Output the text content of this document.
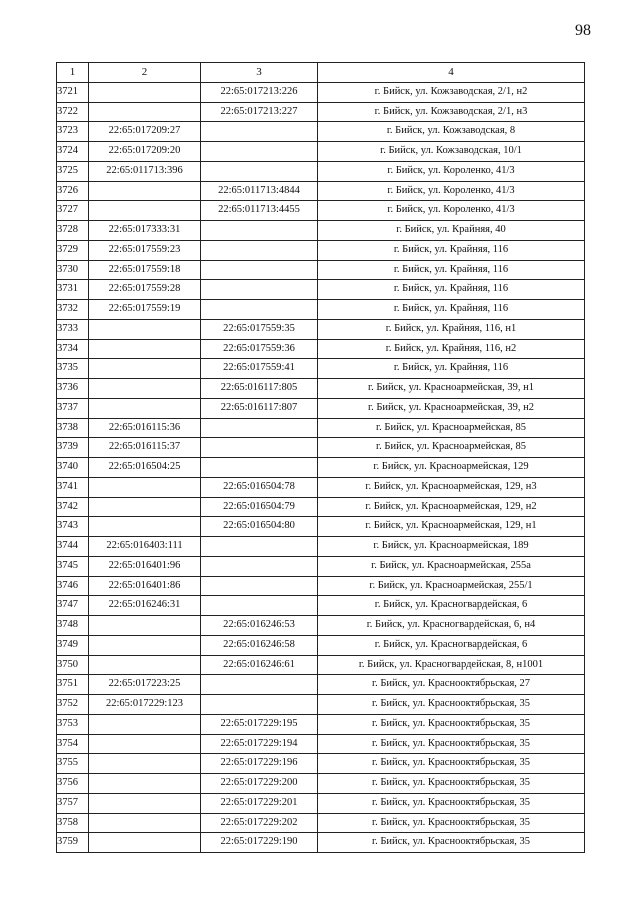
98
1	2	3	4
3721		22:65:017213:226	г. Бийск, ул. Кожзаводская, 2/1, н2
3722		22:65:017213:227	г. Бийск, ул. Кожзаводская, 2/1, н3
3723	22:65:017209:27		г. Бийск, ул. Кожзаводская, 8
3724	22:65:017209:20		г. Бийск, ул. Кожзаводская, 10/1
3725	22:65:011713:396		г. Бийск, ул. Короленко, 41/3
3726		22:65:011713:4844	г. Бийск, ул. Короленко, 41/3
3727		22:65:011713:4455	г. Бийск, ул. Короленко, 41/3
3728	22:65:017333:31		г. Бийск, ул. Крайняя, 40
3729	22:65:017559:23		г. Бийск, ул. Крайняя, 116
3730	22:65:017559:18		г. Бийск, ул. Крайняя, 116
3731	22:65:017559:28		г. Бийск, ул. Крайняя, 116
3732	22:65:017559:19		г. Бийск, ул. Крайняя, 116
3733		22:65:017559:35	г. Бийск, ул. Крайняя, 116, н1
3734		22:65:017559:36	г. Бийск, ул. Крайняя, 116, н2
3735		22:65:017559:41	г. Бийск, ул. Крайняя, 116
3736		22:65:016117:805	г. Бийск, ул. Красноармейская, 39, н1
3737		22:65:016117:807	г. Бийск, ул. Красноармейская, 39, н2
3738	22:65:016115:36		г. Бийск, ул. Красноармейская, 85
3739	22:65:016115:37		г. Бийск, ул. Красноармейская, 85
3740	22:65:016504:25		г. Бийск, ул. Красноармейская, 129
3741		22:65:016504:78	г. Бийск, ул. Красноармейская, 129, н3
3742		22:65:016504:79	г. Бийск, ул. Красноармейская, 129, н2
3743		22:65:016504:80	г. Бийск, ул. Красноармейская, 129, н1
3744	22:65:016403:111		г. Бийск, ул. Красноармейская, 189
3745	22:65:016401:96		г. Бийск, ул. Красноармейская, 255а
3746	22:65:016401:86		г. Бийск, ул. Красноармейская, 255/1
3747	22:65:016246:31		г. Бийск, ул. Красногвардейская, 6
3748		22:65:016246:53	г. Бийск, ул. Красногвардейская, 6, н4
3749		22:65:016246:58	г. Бийск, ул. Красногвардейская, 6
3750		22:65:016246:61	г. Бийск, ул. Красногвардейская, 8, н1001
3751	22:65:017223:25		г. Бийск, ул. Краснооктябрьская, 27
3752	22:65:017229:123		г. Бийск, ул. Краснооктябрьская, 35
3753		22:65:017229:195	г. Бийск, ул. Краснооктябрьская, 35
3754		22:65:017229:194	г. Бийск, ул. Краснооктябрьская, 35
3755		22:65:017229:196	г. Бийск, ул. Краснооктябрьская, 35
3756		22:65:017229:200	г. Бийск, ул. Краснооктябрьская, 35
3757		22:65:017229:201	г. Бийск, ул. Краснооктябрьская, 35
3758		22:65:017229:202	г. Бийск, ул. Краснооктябрьская, 35
3759		22:65:017229:190	г. Бийск, ул. Краснооктябрьская, 35
